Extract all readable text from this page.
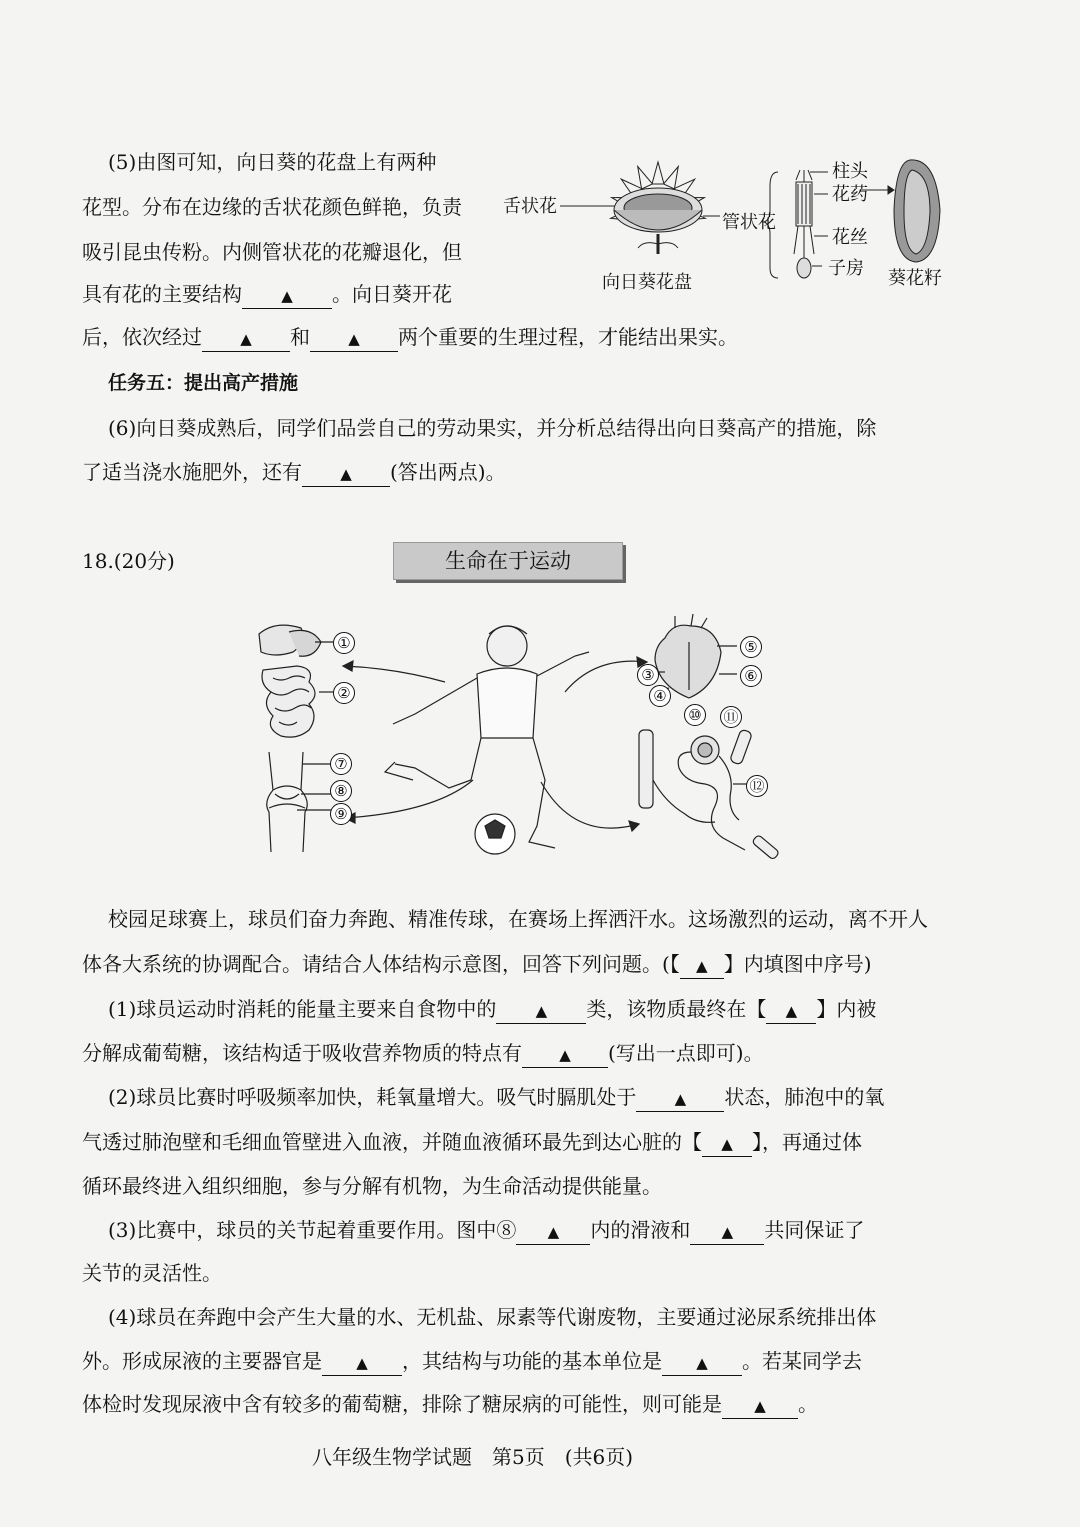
(5)由图可知，向日葵的花盘上有两种
花型。分布在边缘的舌状花颜色鲜艳，负责
吸引昆虫传粉。内侧管状花的花瓣退化，但
具有花的主要结构	▲ 。向日葵开花
后，依次经过	▲ 和	▲ 两个重要的生理过程，才能结出果实。
任务五：提出高产措施
(6)向日葵成熟后，同学们品尝自己的劳动果实，并分析总结得出向日葵高产的措施，除
了适当浇水施肥外，还有	▲ (答出两点)。
舌状花
管状花
向日葵花盘
柱头
花药
花丝
子房 葵花籽
18.(20分)	生命在于运动
①
②
③
④
⑤
⑥
⑦
⑧
⑨
⑩ ⑪
⑫
校园足球赛上，球员们奋力奔跑、精准传球，在赛场上挥洒汗水。这场激烈的运动，离不开人
体各大系统的协调配合。请结合人体结构示意图，回答下列问题。(【 ▲ 】内填图中序号)
(1)球员运动时消耗的能量主要来自食物中的	▲ 类，该物质最终在【 ▲ 】内被
分解成葡萄糖，该结构适于吸收营养物质的特点有 ▲ (写出一点即可)。
(2)球员比赛时呼吸频率加快，耗氧量增大。吸气时膈肌处于	▲ 状态，肺泡中的氧
气透过肺泡壁和毛细血管壁进入血液，并随血液循环最先到达心脏的【 ▲ 】，再通过体
循环最终进入组织细胞，参与分解有机物，为生命活动提供能量。
(3)比赛中，球员的关节起着重要作用。图中⑧ ▲ 内的滑液和 ▲ 共同保证了
关节的灵活性。
(4)球员在奔跑中会产生大量的水、无机盐、尿素等代谢废物，主要通过泌尿系统排出体
外。形成尿液的主要器官是 ▲ ，其结构与功能的基本单位是 ▲ 。若某同学去
体检时发现尿液中含有较多的葡萄糖，排除了糖尿病的可能性，则可能是 ▲ 。
八年级生物学试题　第5页　(共6页)
